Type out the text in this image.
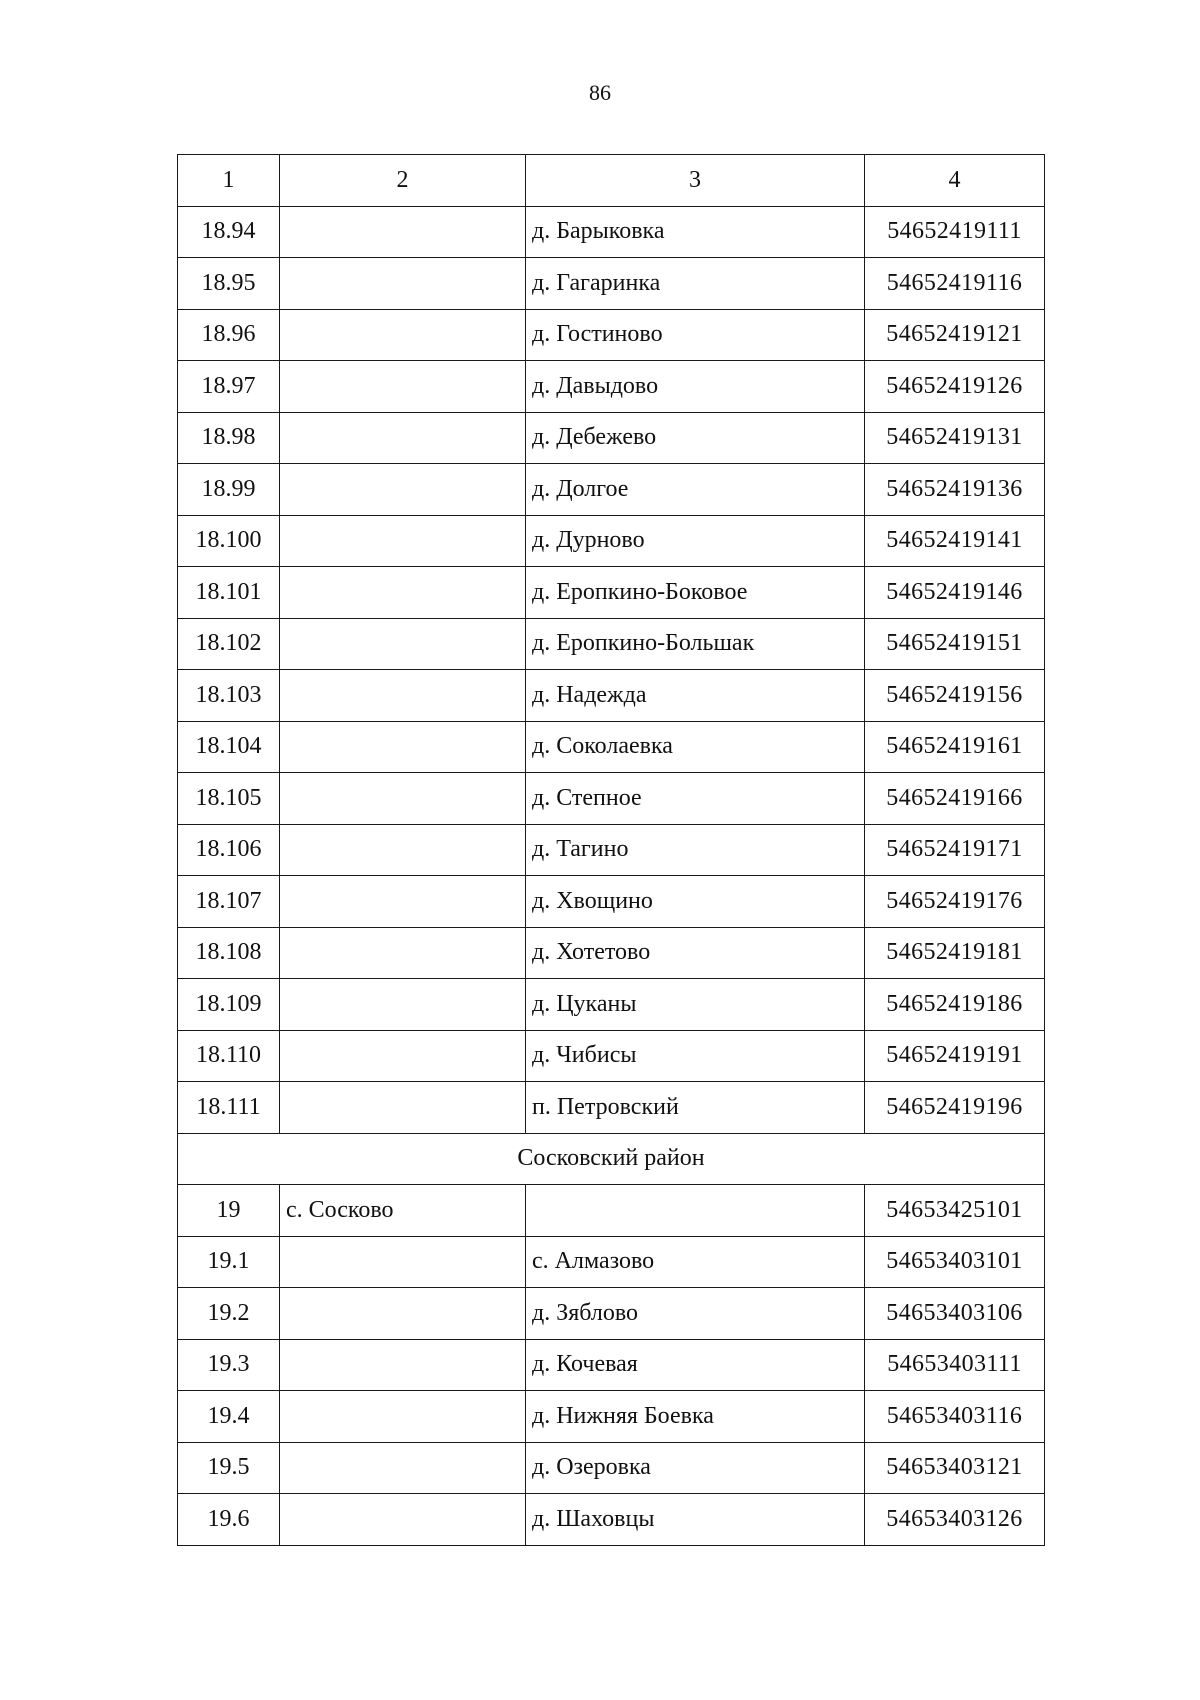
86
1	2	3	4
18.94		д. Барыковка	54652419111
18.95		д. Гагаринка	54652419116
18.96		д. Гостиново	54652419121
18.97		д. Давыдово	54652419126
18.98		д. Дебежево	54652419131
18.99		д. Долгое	54652419136
18.100		д. Дурново	54652419141
18.101		д. Еропкино-Боковое	54652419146
18.102		д. Еропкино-Большак	54652419151
18.103		д. Надежда	54652419156
18.104		д. Соколаевка	54652419161
18.105		д. Степное	54652419166
18.106		д. Тагино	54652419171
18.107		д. Хвощино	54652419176
18.108		д. Хотетово	54652419181
18.109		д. Цуканы	54652419186
18.110		д. Чибисы	54652419191
18.111		п. Петровский	54652419196
Сосковский район			
19	с. Сосково		54653425101
19.1		с. Алмазово	54653403101
19.2		д. Зяблово	54653403106
19.3		д. Кочевая	54653403111
19.4		д. Нижняя Боевка	54653403116
19.5		д. Озеровка	54653403121
19.6		д. Шаховцы	54653403126
